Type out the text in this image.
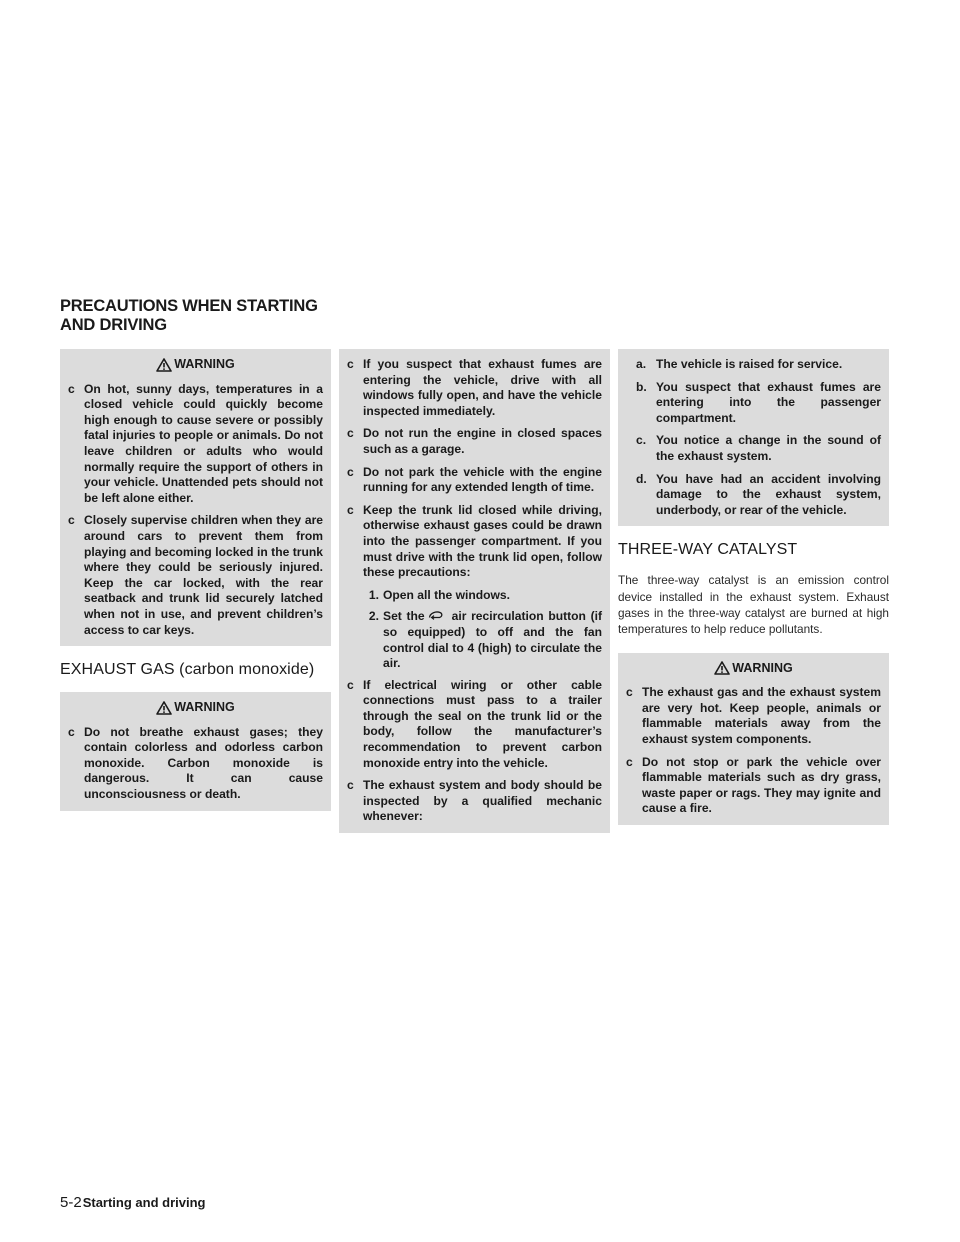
PRECAUTIONS WHEN STARTING
AND DRIVING
WARNING
c On hot, sunny days, temperatures in a closed vehicle could quickly become high enough to cause severe or possibly fatal injuries to people or animals. Do not leave children or adults who would normally require the support of others in your vehicle. Unattended pets should not be left alone either.
c Closely supervise children when they are around cars to prevent them from playing and becoming locked in the trunk where they could be seriously injured. Keep the car locked, with the rear seatback and trunk lid securely latched when not in use, and prevent children’s access to car keys.
EXHAUST GAS (carbon monoxide)
WARNING
c Do not breathe exhaust gases; they contain colorless and odorless carbon monoxide. Carbon monoxide is dangerous. It can cause unconsciousness or death.
c If you suspect that exhaust fumes are entering the vehicle, drive with all windows fully open, and have the vehicle inspected immediately.
c Do not run the engine in closed spaces such as a garage.
c Do not park the vehicle with the engine running for any extended length of time.
c Keep the trunk lid closed while driving, otherwise exhaust gases could be drawn into the passenger compartment. If you must drive with the trunk lid open, follow these precautions:
1. Open all the windows.
2. Set the air recirculation button (if so equipped) to off and the fan control dial to 4 (high) to circulate the air.
c If electrical wiring or other cable connections must pass to a trailer through the seal on the trunk lid or the body, follow the manufacturer’s recommendation to prevent carbon monoxide entry into the vehicle.
c The exhaust system and body should be inspected by a qualified mechanic whenever:
a. The vehicle is raised for service.
b. You suspect that exhaust fumes are entering into the passenger compartment.
c. You notice a change in the sound of the exhaust system.
d. You have had an accident involving damage to the exhaust system, underbody, or rear of the vehicle.
THREE-WAY CATALYST
The three-way catalyst is an emission control device installed in the exhaust system. Exhaust gases in the three-way catalyst are burned at high temperatures to help reduce pollutants.
WARNING
c The exhaust gas and the exhaust system are very hot. Keep people, animals or flammable materials away from the exhaust system components.
c Do not stop or park the vehicle over flammable materials such as dry grass, waste paper or rags. They may ignite and cause a fire.
5-2 Starting and driving
